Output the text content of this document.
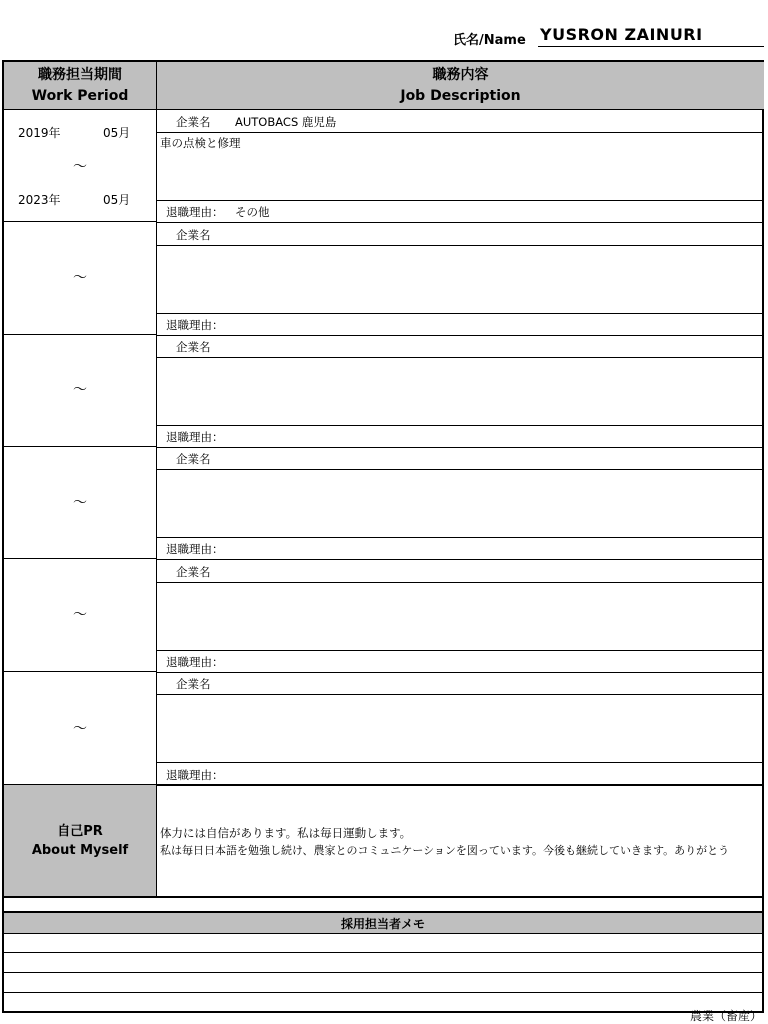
氏名/Name YUSRON ZAINURI
職務担当期間
Work Period
職務内容
Job Description
2019年	05月
～
2023年	05月
企業名 AUTOBACS 鹿児島
車の点検と修理
退職理由： その他
～
企業名
退職理由：
～
企業名
退職理由：
～
企業名
退職理由：
～
企業名
退職理由：
～
企業名
退職理由：
自己PR
About Myself
体力には自信があります。私は毎日運動します。
私は毎日日本語を勉強し続け、農家とのコミュニケーションを図っています。今後も継続していきます。ありがとう
採用担当者メモ
農業（畜産）
